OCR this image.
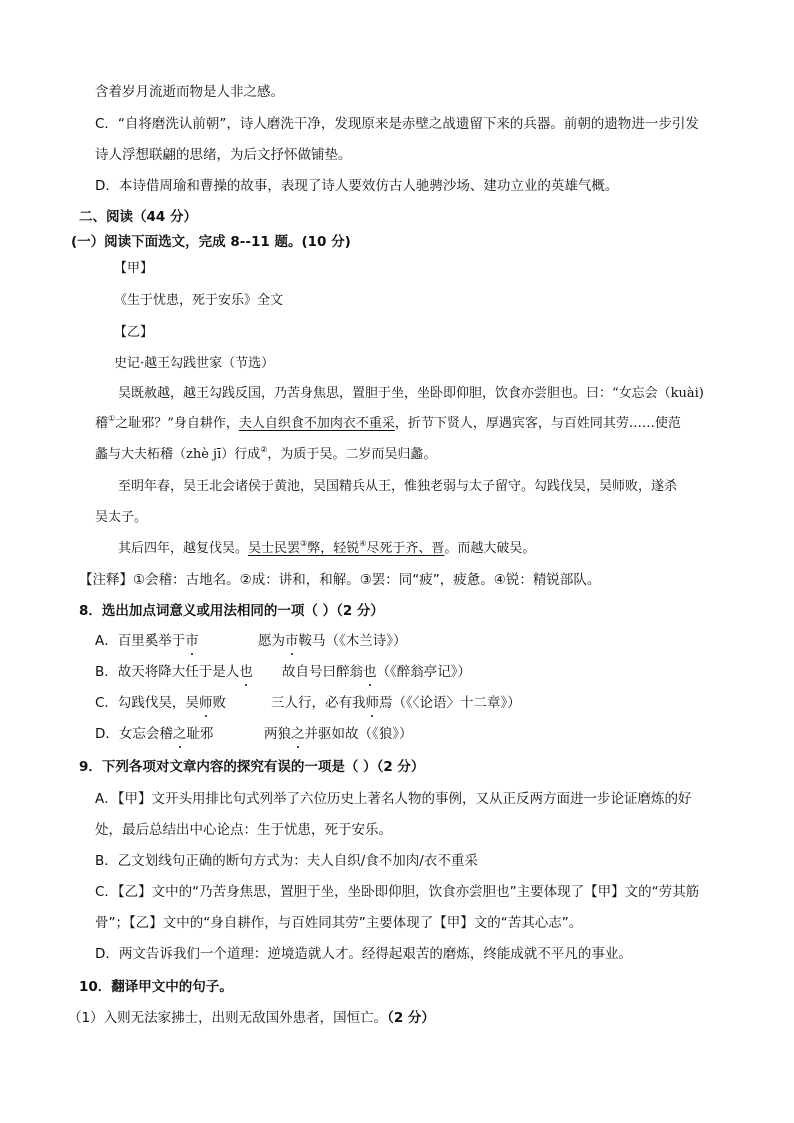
含着岁月流逝而物是人非之感。
C．“自将磨洗认前朝”，诗人磨洗干净，发现原来是赤壁之战遗留下来的兵器。前朝的遗物进一步引发
诗人浮想联翩的思绪，为后文抒怀做铺垫。
D．本诗借周瑜和曹操的故事，表现了诗人要效仿古人驰骋沙场、建功立业的英雄气概。
二、阅读（44 分）
(一）阅读下面选文，完成 8--11 题。(10 分)
【甲】
《生于忧患，死于安乐》全文
【乙】
史记·越王勾践世家（节选）
吴既赦越，越王勾践反国，乃苦身焦思，置胆于坐，坐卧即仰胆，饮食亦尝胆也。曰：“女忘会（kuài)
稽①之耻邪？”身自耕作，夫人自织食不加肉衣不重采，折节下贤人，厚遇宾客，与百姓同其劳……使范
蠡与大夫柘稽（zhè jī）行成②，为质于吴。二岁而吴归蠡。
至明年春，吴王北会诸侯于黄池，吴国精兵从王，惟独老弱与太子留守。勾践伐吴，吴师败，遂杀
吴太子。
其后四年，越复伐吴。吴士民罢③弊，轻锐④尽死于齐、晋。而越大破吴。
【注释】①会稽：古地名。②成：讲和，和解。③罢：同“疲”，疲惫。④锐：精锐部队。
8．选出加点词意义或用法相同的一项（ ）（2 分）
A．百里奚举于市	愿为市鞍马（《木兰诗》）
B．故天将降大任于是人也 故自号曰醉翁也（《醉翁亭记》）
C．勾践伐吴，吴师败	三人行，必有我师焉（《〈论语〉十二章》）
D．女忘会稽之耻邪	两狼之并驱如故（《狼》）
9．下列各项对文章内容的探究有误的一项是（ ）（2 分）
A．【甲】文开头用排比句式列举了六位历史上著名人物的事例，又从正反两方面进一步论证磨炼的好
处，最后总结出中心论点：生于忧患，死于安乐。
B．乙文划线句正确的断句方式为：夫人自织/食不加肉/衣不重采
C．【乙】文中的“乃苦身焦思，置胆于坐，坐卧即仰胆，饮食亦尝胆也”主要体现了【甲】文的“劳其筋
骨”；【乙】文中的“身自耕作，与百姓同其劳”主要体现了【甲】文的“苦其心志”。
D．两文告诉我们一个道理：逆境造就人才。经得起艰苦的磨炼，终能成就不平凡的事业。
10．翻译甲文中的句子。
（1）入则无法家拂士，出则无敌国外患者，国恒亡。（2 分）
